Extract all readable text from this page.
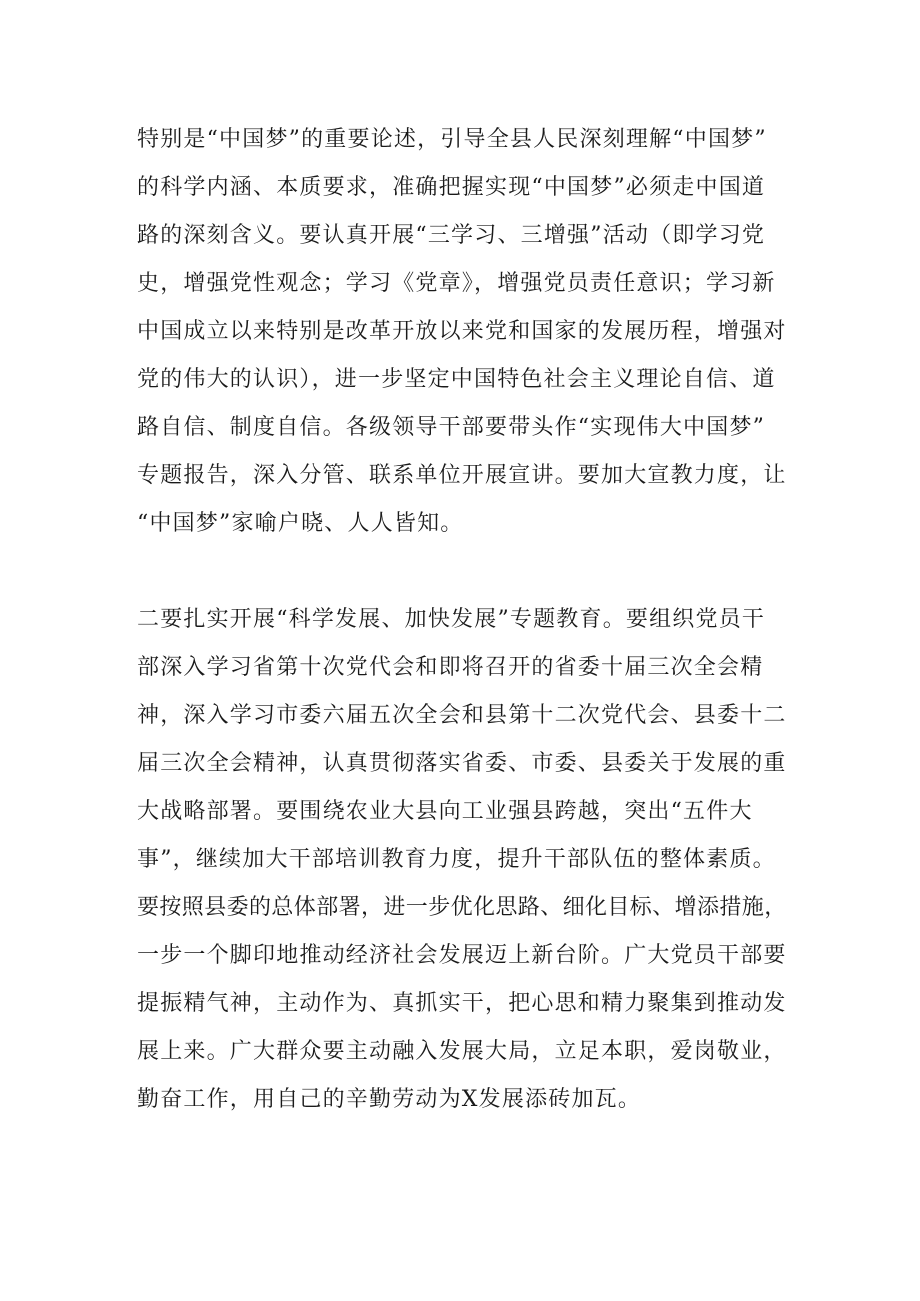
特别是“中国梦”的重要论述，引导全县人民深刻理解“中国梦”
的科学内涵、本质要求，准确把握实现“中国梦”必须走中国道
路的深刻含义。要认真开展“三学习、三增强”活动（即学习党
史，增强党性观念；学习《党章》，增强党员责任意识；学习新
中国成立以来特别是改革开放以来党和国家的发展历程，增强对
党的伟大的认识），进一步坚定中国特色社会主义理论自信、道
路自信、制度自信。各级领导干部要带头作“实现伟大中国梦”
专题报告，深入分管、联系单位开展宣讲。要加大宣教力度，让
“中国梦”家喻户晓、人人皆知。
二要扎实开展“科学发展、加快发展”专题教育。要组织党员干
部深入学习省第十次党代会和即将召开的省委十届三次全会精
神，深入学习市委六届五次全会和县第十二次党代会、县委十二
届三次全会精神，认真贯彻落实省委、市委、县委关于发展的重
大战略部署。要围绕农业大县向工业强县跨越，突出“五件大
事”，继续加大干部培训教育力度，提升干部队伍的整体素质。
要按照县委的总体部署，进一步优化思路、细化目标、增添措施，
一步一个脚印地推动经济社会发展迈上新台阶。广大党员干部要
提振精气神，主动作为、真抓实干，把心思和精力聚集到推动发
展上来。广大群众要主动融入发展大局，立足本职，爱岗敬业，
勤奋工作，用自己的辛勤劳动为X发展添砖加瓦。
